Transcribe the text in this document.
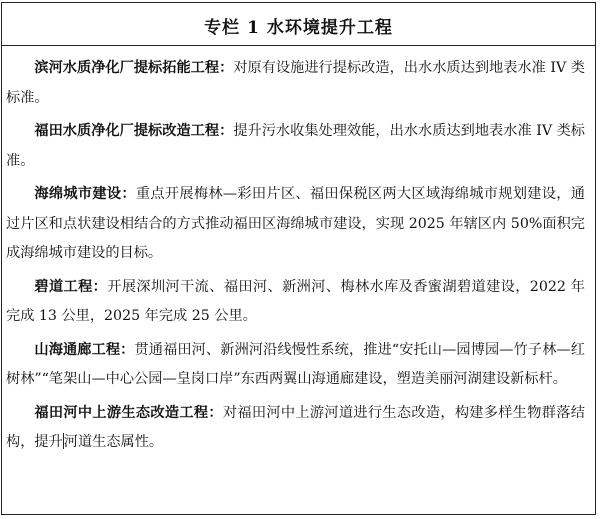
专栏 1 水环境提升工程

滨河水质净化厂提标拓能工程：对原有设施进行提标改造，出水水质达到地表水准 IV 类标准。

福田水质净化厂提标改造工程：提升污水收集处理效能，出水水质达到地表水准 IV 类标准。

海绵城市建设：重点开展梅林—彩田片区、福田保税区两大区域海绵城市规划建设，通过片区和点状建设相结合的方式推动福田区海绵城市建设，实现 2025 年辖区内 50%面积完成海绵城市建设的目标。

碧道工程：开展深圳河干流、福田河、新洲河、梅林水库及香蜜湖碧道建设，2022 年完成 13 公里，2025 年完成 25 公里。

山海通廊工程：贯通福田河、新洲河沿线慢性系统，推进“安托山—园博园—竹子林—红树林”“笔架山—中心公园—皇岗口岸”东西两翼山海通廊建设，塑造美丽河湖建设新标杆。

福田河中上游生态改造工程：对福田河中上游河道进行生态改造，构建多样生物群落结构，提升河道生态属性。
